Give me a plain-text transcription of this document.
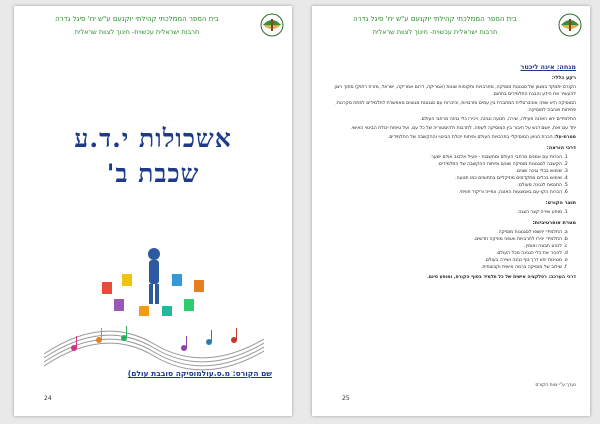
בית הספר הממלכתי קהילתי יוקנעם ע"ש יח' סיגל גדרה
תרבות ישראלית עכשוית- חינוך לצוות שראלית
אשכולות י.ד.ע
שכבת ב'
שם הקורס: מ.ס.עולמוסיקה סובבת עולם)
24
בית הספר הממלכתי קהילתי יוקנעם ע"ש יח' סיגל גדרה
תרבות ישראלית עכשוית- חינוך לצוות שראלית
מנחה: איגה ליכטר
רקע כללי:
הקורס יתמקד במגוון של סגנונות מוסיקה, מתרבויות ותקופות שונות (אמריקה, דרום אמריקה, ישראל, מזרח רחוק) מתוך רצון להעשיר את הידע והבנת התלמידים בתחום.
המוסיקה היא שפה אוניברסלית המחברת בין עמים ותרבויות, והיכרות עם סגנונות מגוונים מאפשרת לתלמידים לפתח סקרנות, פתיחות ואהבה למוסיקה.
התלמידים יחוו האזנה פעילה, שירה, תנועה ונגינה, ויכירו כלי נגינה מרחבי העולם.
יחד עם זאת, יושם דגש על חיבור בין המוסיקה לשפה, לתרבות ולהיסטוריה של כל עם, ועל טיפוח יכולת הביטוי האישי.
מטרת-על: הכרת הגיוון המוסיקלי בתרבויות העולם ופיתוח יכולת הביטוי וההקשבה של התלמידים.
דרכי הוראה:
1. הכרות עם אמנים מרחבי העולם ומחשבות - פעיל אלבוב אולם ישער.
2. הקשבה לסגנונות מוסיקה שונים ופיתוח ההקשבה של התלמידים.
3. שימוש בכלי נגינה שונים.
4. שימוש בכלים מתקדמים מוזיקליים בתחומים כמו תנועה.
5. התנסות לנגינה מעולם.
6. הכרות הקו-עם באמצעות האזנה, צפייה וריקוד חוויתי.
תוצר הקורס:
1. מופע שירה קצר הצגה.
מטרת אופרטיביות:
a. התלמידי יחשפו לסגנונות מוסיקה.
b. התלמידי יכירו לתרבויות ואופני מוזיקה חדשים.
c. לנהוג תבונה ואומץ.
d. להכיר את כלי הנגינה מכל העולם.
e. מנגינות יחוו דרך גוף נגינה ושירה בעולם.
f. שילוב של מוסיקה ברמה אישית וקבוצתית.
דרכי הערכה: רפלקציה אישית של כל תלמיד בסוף הקורס, ומופע סיום.
נערך ע"י צוות הקורס
25
